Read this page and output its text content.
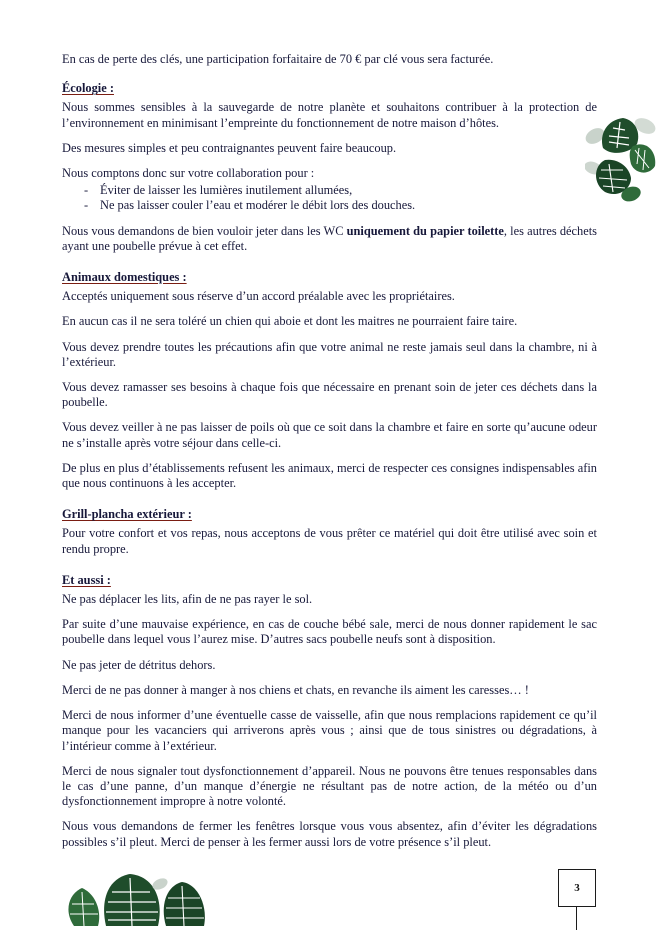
En cas de perte des clés, une participation forfaitaire de 70 € par clé vous sera facturée.

Écologie :

Nous sommes sensibles à la sauvegarde de notre planète et souhaitons contribuer à la protection de l’environnement en minimisant l’empreinte du fonctionnement de notre maison d’hôtes.

Des mesures simples et peu contraignantes peuvent faire beaucoup.

Nous comptons donc sur votre collaboration pour :

- Éviter de laisser les lumières inutilement allumées,
- Ne pas laisser couler l’eau et modérer le débit lors des douches.

Nous vous demandons de bien vouloir jeter dans les WC uniquement du papier toilette, les autres déchets ayant une poubelle prévue à cet effet.

Animaux domestiques :

Acceptés uniquement sous réserve d’un accord préalable avec les propriétaires.

En aucun cas il ne sera toléré un chien qui aboie et dont les maitres ne pourraient faire taire.

Vous devez prendre toutes les précautions afin que votre animal ne reste jamais seul dans la chambre, ni à l’extérieur.

Vous devez ramasser ses besoins à chaque fois que nécessaire en prenant soin de jeter ces déchets dans la poubelle.

Vous devez veiller à ne pas laisser de poils où que ce soit dans la chambre et faire en sorte qu’aucune odeur ne s’installe après votre séjour dans celle-ci.

De plus en plus d’établissements refusent les animaux, merci de respecter ces consignes indispensables afin que nous continuons à les accepter.

Grill-plancha extérieur :

Pour votre confort et vos repas, nous acceptons de vous prêter ce matériel qui doit être utilisé avec soin et rendu propre.

Et aussi :

Ne pas déplacer les lits, afin de ne pas rayer le sol.

Par suite d’une mauvaise expérience, en cas de couche bébé sale, merci de nous donner rapidement le sac poubelle dans lequel vous l’aurez mise. D’autres sacs poubelle neufs sont à disposition.

Ne pas jeter de détritus dehors.

Merci de ne pas donner à manger à nos chiens et chats, en revanche ils aiment les caresses… !

Merci de nous informer d’une éventuelle casse de vaisselle, afin que nous remplacions rapidement ce qu’il manque pour les vacanciers qui arriverons après vous ; ainsi que de tous sinistres ou dégradations, à l’intérieur comme à l’extérieur.

Merci de nous signaler tout dysfonctionnement d’appareil. Nous ne pouvons être tenues responsables dans le cas d’une panne, d’un manque d’énergie ne résultant pas de notre action, de la météo ou d’un dysfonctionnement impropre à notre volonté.

Nous vous demandons de fermer les fenêtres lorsque vous vous absentez, afin d’éviter les dégradations possibles s’il pleut. Merci de penser à les fermer aussi lors de votre présence s’il pleut.

3
